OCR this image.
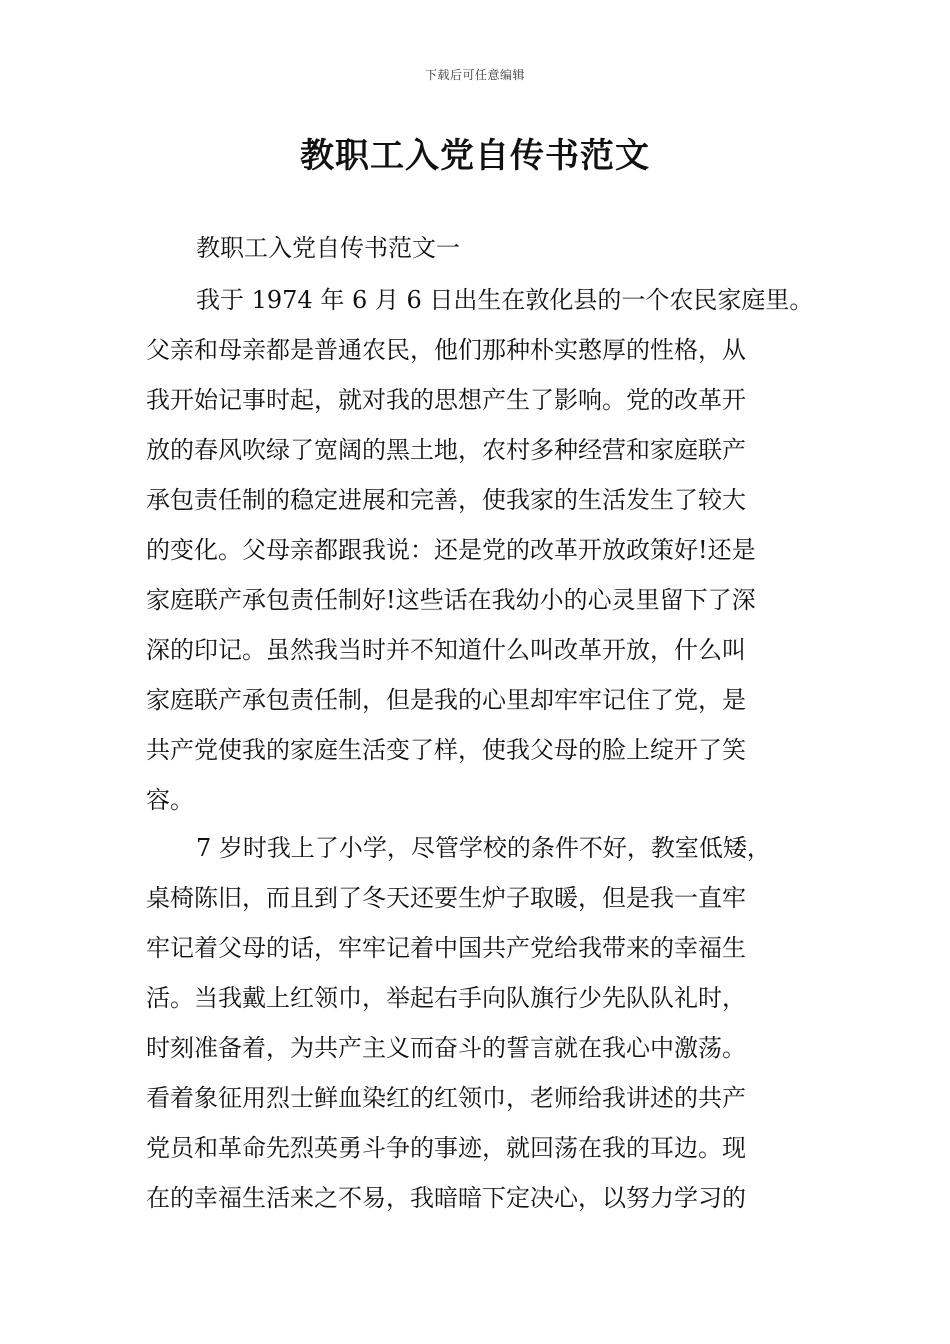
下载后可任意编辑
教职工入党自传书范文
教职工入党自传书范文一
我于 1974 年 6 月 6 日出生在敦化县的一个农民家庭里。
父亲和母亲都是普通农民，他们那种朴实憨厚的性格，从
我开始记事时起，就对我的思想产生了影响。党的改革开
放的春风吹绿了宽阔的黑土地，农村多种经营和家庭联产
承包责任制的稳定进展和完善，使我家的生活发生了较大
的变化。父母亲都跟我说：还是党的改革开放政策好!还是
家庭联产承包责任制好!这些话在我幼小的心灵里留下了深
深的印记。虽然我当时并不知道什么叫改革开放，什么叫
家庭联产承包责任制，但是我的心里却牢牢记住了党，是
共产党使我的家庭生活变了样，使我父母的脸上绽开了笑
容。
7 岁时我上了小学，尽管学校的条件不好，教室低矮，
桌椅陈旧，而且到了冬天还要生炉子取暖，但是我一直牢
牢记着父母的话，牢牢记着中国共产党给我带来的幸福生
活。当我戴上红领巾，举起右手向队旗行少先队队礼时，
时刻准备着，为共产主义而奋斗的誓言就在我心中激荡。
看着象征用烈士鲜血染红的红领巾，老师给我讲述的共产
党员和革命先烈英勇斗争的事迹，就回荡在我的耳边。现
在的幸福生活来之不易，我暗暗下定决心，以努力学习的
